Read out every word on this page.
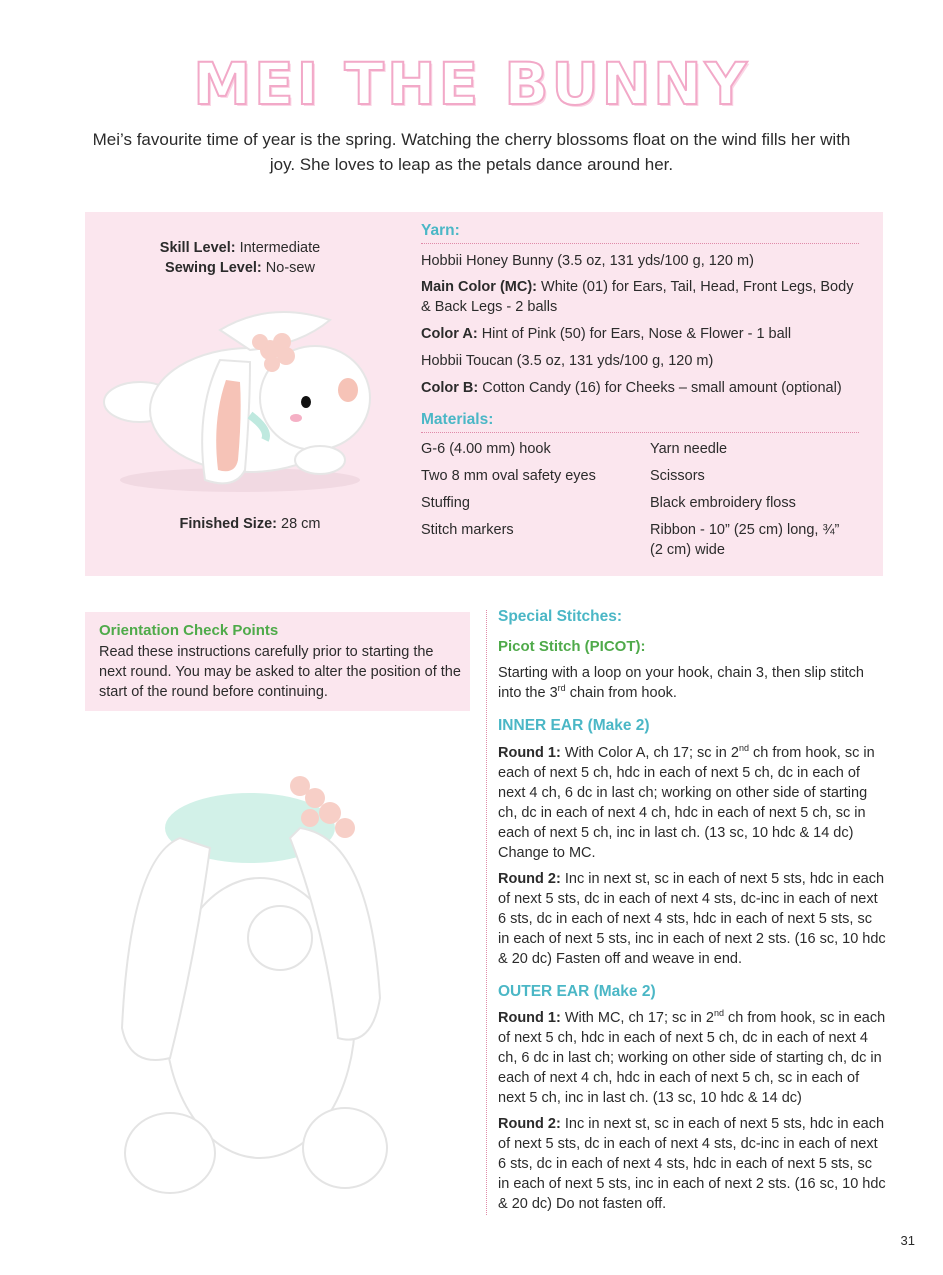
MEI THE BUNNY
Mei’s favourite time of year is the spring. Watching the cherry blossoms float on the wind fills her with joy. She loves to leap as the petals dance around her.
Skill Level: Intermediate
Sewing Level: No-sew
Finished Size: 28 cm
Yarn:
Hobbii Honey Bunny (3.5 oz, 131 yds/100 g, 120 m)
Main Color (MC): White (01) for Ears, Tail, Head, Front Legs, Body & Back Legs - 2 balls
Color A: Hint of Pink (50) for Ears, Nose & Flower - 1 ball
Hobbii Toucan (3.5 oz, 131 yds/100 g, 120 m)
Color B: Cotton Candy (16) for Cheeks – small amount (optional)
Materials:
G-6 (4.00 mm) hook
Two 8 mm oval safety eyes
Stuffing
Stitch markers
Yarn needle
Scissors
Black embroidery floss
Ribbon - 10” (25 cm) long, ¾” (2 cm) wide
Orientation Check Points
Read these instructions carefully prior to starting the next round. You may be asked to alter the position of the start of the round before continuing.
Special Stitches:
Picot Stitch (PICOT):
Starting with a loop on your hook, chain 3, then slip stitch into the 3rd chain from hook.
INNER EAR (Make 2)
Round 1: With Color A, ch 17; sc in 2nd ch from hook, sc in each of next 5 ch, hdc in each of next 5 ch, dc in each of next 4 ch, 6 dc in last ch; working on other side of starting ch, dc in each of next 4 ch, hdc in each of next 5 ch, sc in each of next 5 ch, inc in last ch. (13 sc, 10 hdc & 14 dc) Change to MC.
Round 2: Inc in next st, sc in each of next 5 sts, hdc in each of next 5 sts, dc in each of next 4 sts, dc-inc in each of next 6 sts, dc in each of next 4 sts, hdc in each of next 5 sts, sc in each of next 5 sts, inc in each of next 2 sts. (16 sc, 10 hdc & 20 dc) Fasten off and weave in end.
OUTER EAR (Make 2)
Round 1: With MC, ch 17; sc in 2nd ch from hook, sc in each of next 5 ch, hdc in each of next 5 ch, dc in each of next 4 ch, 6 dc in last ch; working on other side of starting ch, dc in each of next 4 ch, hdc in each of next 5 ch, sc in each of next 5 ch, inc in last ch. (13 sc, 10 hdc & 14 dc)
Round 2: Inc in next st, sc in each of next 5 sts, hdc in each of next 5 sts, dc in each of next 4 sts, dc-inc in each of next 6 sts, dc in each of next 4 sts, hdc in each of next 5 sts, sc in each of next 5 sts, inc in each of next 2 sts. (16 sc, 10 hdc & 20 dc) Do not fasten off.
31
